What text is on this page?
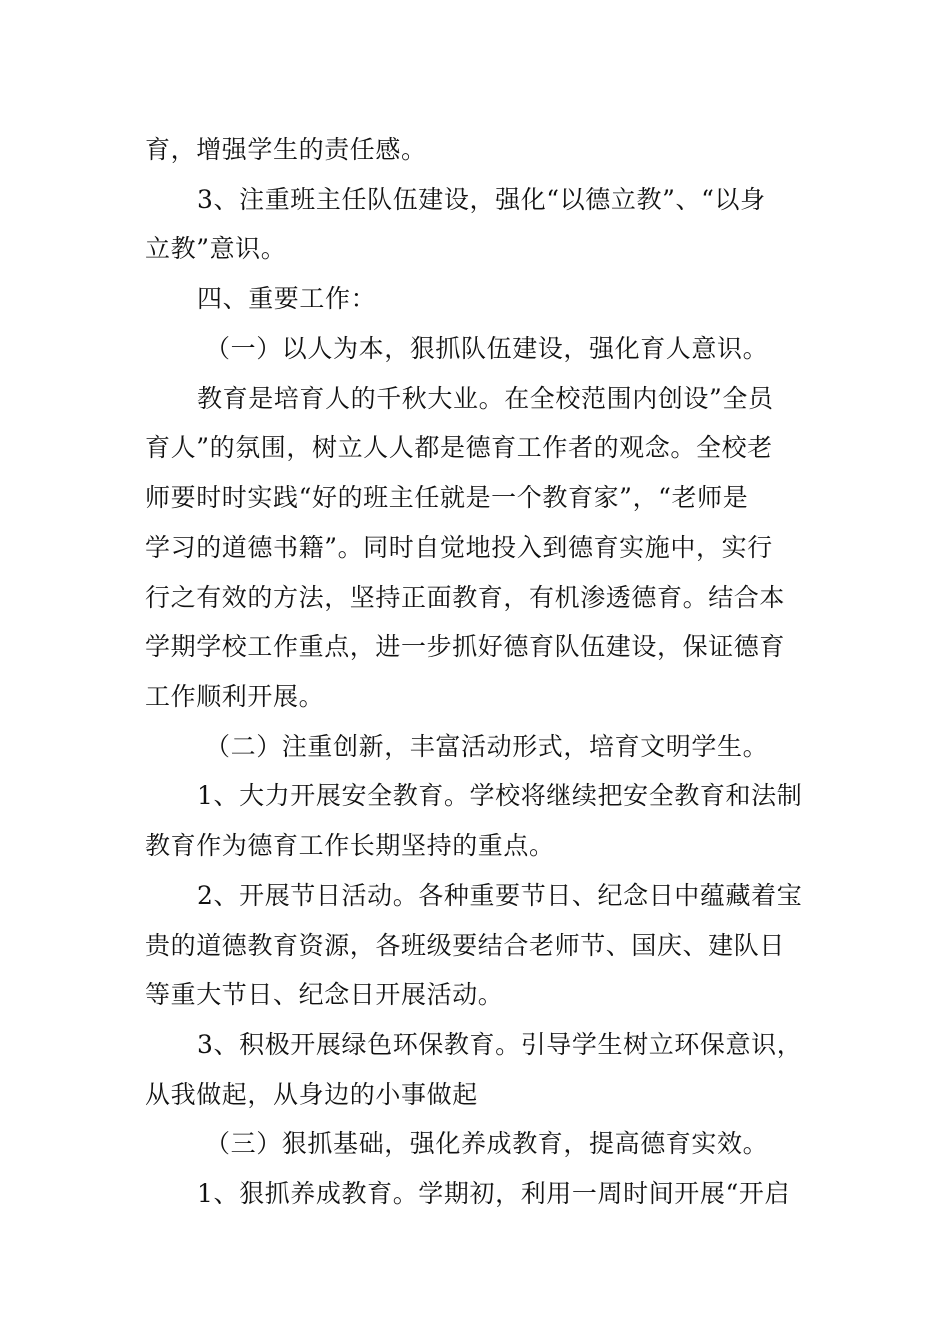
育，增强学生的责任感。
3、注重班主任队伍建设，强化“以德立教”、“以身
立教”意识。
四、重要工作：
（一）以人为本，狠抓队伍建设，强化育人意识。
教育是培育人的千秋大业。在全校范围内创设”全员
育人”的氛围，树立人人都是德育工作者的观念。全校老
师要时时实践“好的班主任就是一个教育家”，“老师是
学习的道德书籍”。同时自觉地投入到德育实施中，实行
行之有效的方法，坚持正面教育，有机渗透德育。结合本
学期学校工作重点，进一步抓好德育队伍建设，保证德育
工作顺利开展。
（二）注重创新，丰富活动形式，培育文明学生。
1、大力开展安全教育。学校将继续把安全教育和法制
教育作为德育工作长期坚持的重点。
2、开展节日活动。各种重要节日、纪念日中蕴藏着宝
贵的道德教育资源，各班级要结合老师节、国庆、建队日
等重大节日、纪念日开展活动。
3、积极开展绿色环保教育。引导学生树立环保意识，
从我做起，从身边的小事做起
（三）狠抓基础，强化养成教育，提高德育实效。
1、狠抓养成教育。学期初，利用一周时间开展“开启
